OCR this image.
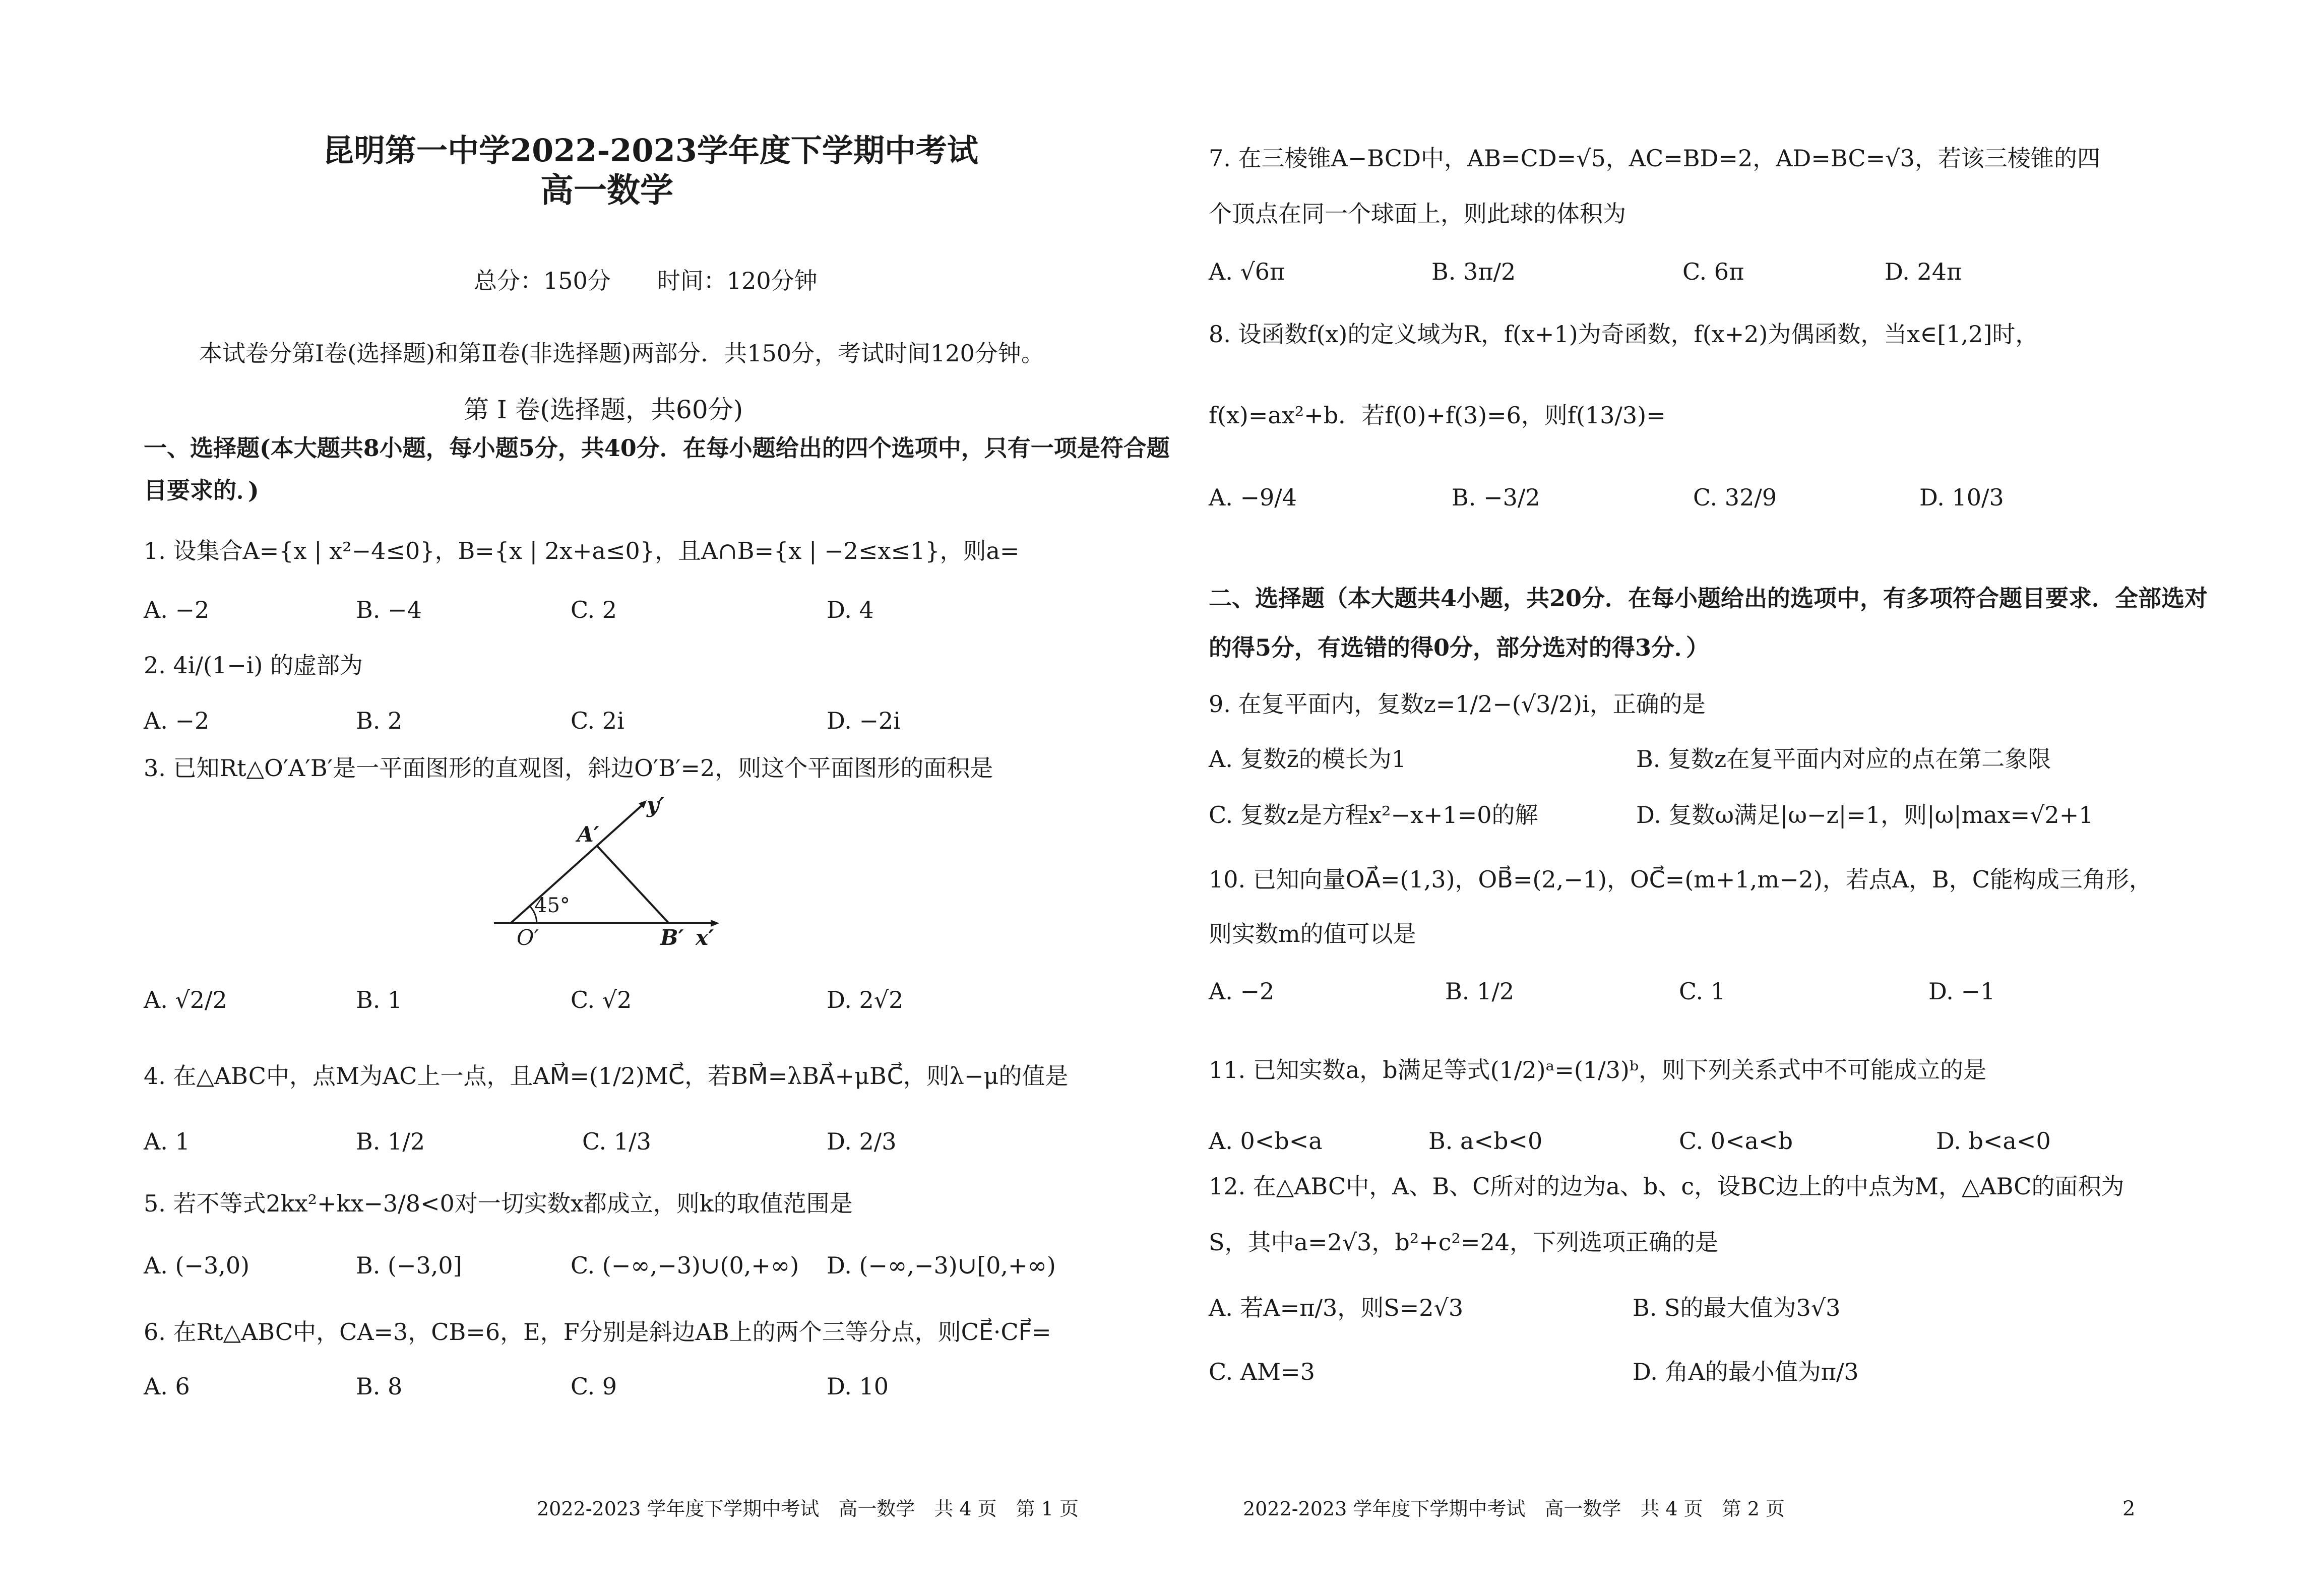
昆明第一中学2022-2023学年度下学期中考试
高一数学
总分：150分　　时间：120分钟
本试卷分第Ⅰ卷(选择题)和第Ⅱ卷(非选择题)两部分．共150分，考试时间120分钟。
第 Ⅰ 卷(选择题，共60分)
一、选择题(本大题共8小题，每小题5分，共40分．在每小题给出的四个选项中，只有一项是符合题
目要求的．)
1. 设集合A={x | x²−4≤0}，B={x | 2x+a≤0}，且A∩B={x | −2≤x≤1}，则a=
A. −2	B. −4	C. 2	D. 4
2. 4i/(1−i) 的虚部为
A. −2	B. 2	C. 2i	D. −2i
3. 已知Rt△O′A′B′是一平面图形的直观图，斜边O′B′=2，则这个平面图形的面积是
45°
O′
A′
B′ x′
y′
A. √2/2	B. 1	C. √2	D. 2√2
4. 在△ABC中，点M为AC上一点，且AM⃗=(1/2)MC⃗，若BM⃗=λBA⃗+μBC⃗，则λ−μ的值是
A. 1	B. 1/2	C. 1/3	D. 2/3
5. 若不等式2kx²+kx−3/8<0对一切实数x都成立，则k的取值范围是
A. (−3,0)	B. (−3,0]	C. (−∞,−3)∪(0,+∞) D. (−∞,−3)∪[0,+∞)
6. 在Rt△ABC中，CA=3，CB=6，E，F分别是斜边AB上的两个三等分点，则CE⃗·CF⃗=
A. 6	B. 8	C. 9	D. 10
2022-2023 学年度下学期中考试　高一数学　共 4 页　第 1 页
7. 在三棱锥A−BCD中，AB=CD=√5，AC=BD=2，AD=BC=√3，若该三棱锥的四
个顶点在同一个球面上，则此球的体积为
A. √6π	B. 3π/2	C. 6π	D. 24π
8. 设函数f(x)的定义域为R，f(x+1)为奇函数，f(x+2)为偶函数，当x∈[1,2]时，
f(x)=ax²+b．若f(0)+f(3)=6，则f(13/3)=
A. −9/4	B. −3/2	C. 32/9	D. 10/3
二、选择题（本大题共4小题，共20分．在每小题给出的选项中，有多项符合题目要求．全部选对
的得5分，有选错的得0分，部分选对的得3分．）
9. 在复平面内，复数z=1/2−(√3/2)i，正确的是
A. 复数z̄的模长为1	B. 复数z在复平面内对应的点在第二象限
C. 复数z是方程x²−x+1=0的解	D. 复数ω满足|ω−z|=1，则|ω|max=√2+1
10. 已知向量OA⃗=(1,3)，OB⃗=(2,−1)，OC⃗=(m+1,m−2)，若点A，B，C能构成三角形，
则实数m的值可以是
A. −2	B. 1/2	C. 1	D. −1
11. 已知实数a，b满足等式(1/2)ᵃ=(1/3)ᵇ，则下列关系式中不可能成立的是
A. 0<b<a	B. a<b<0	C. 0<a<b	D. b<a<0
12. 在△ABC中，A、B、C所对的边为a、b、c，设BC边上的中点为M，△ABC的面积为
S，其中a=2√3，b²+c²=24，下列选项正确的是
A. 若A=π/3，则S=2√3	B. S的最大值为3√3
C. AM=3	D. 角A的最小值为π/3
2022-2023 学年度下学期中考试　高一数学　共 4 页　第 2 页	2
